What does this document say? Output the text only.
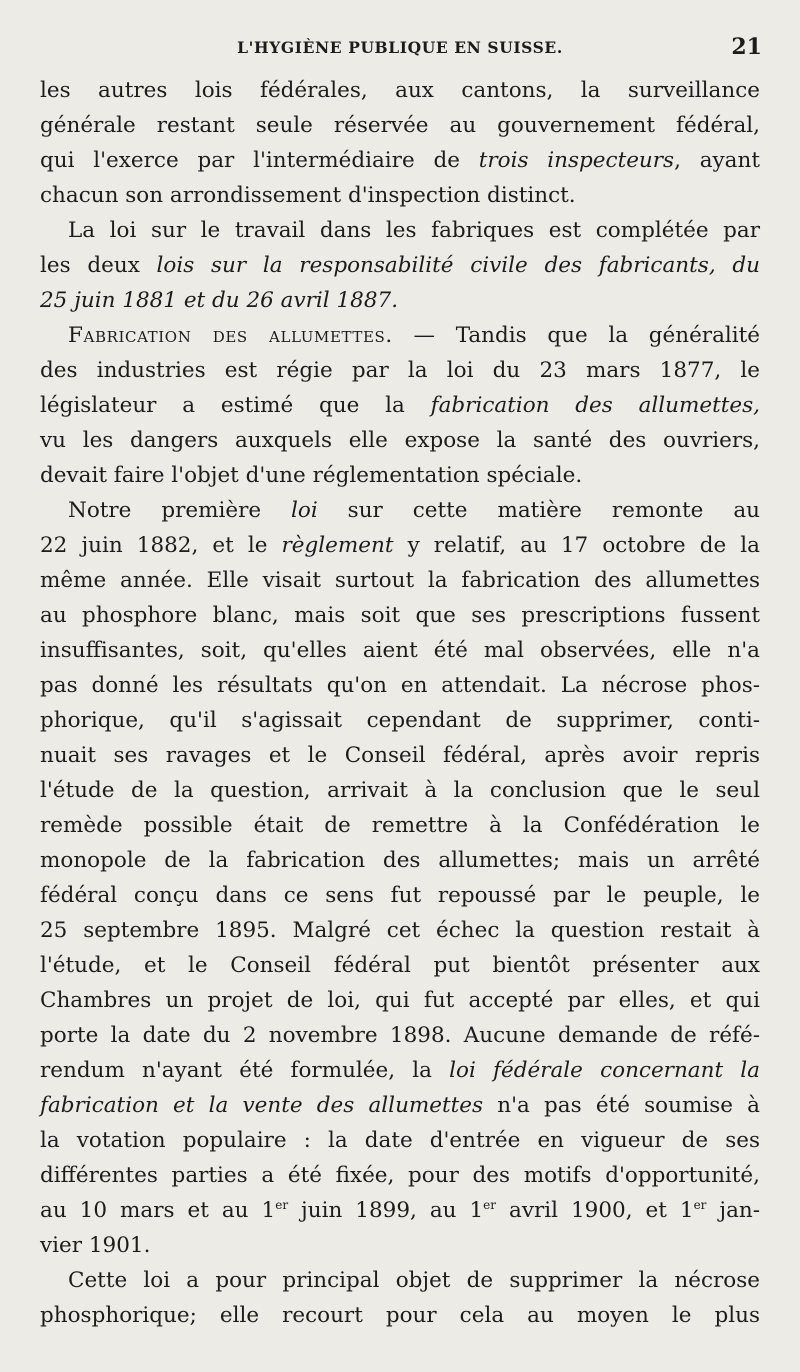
L'HYGIÈNE PUBLIQUE EN SUISSE.	21
les autres lois fédérales, aux cantons, la surveillance
générale restant seule réservée au gouvernement fédéral,
qui l'exerce par l'intermédiaire de trois inspecteurs, ayant
chacun son arrondissement d'inspection distinct.
La loi sur le travail dans les fabriques est complétée par
les deux lois sur la responsabilité civile des fabricants, du
25 juin 1881 et du 26 avril 1887.
Fabrication des allumettes. — Tandis que la généralité
des industries est régie par la loi du 23 mars 1877, le
législateur a estimé que la fabrication des allumettes,
vu les dangers auxquels elle expose la santé des ouvriers,
devait faire l'objet d'une réglementation spéciale.
Notre première loi sur cette matière remonte au
22 juin 1882, et le règlement y relatif, au 17 octobre de la
même année. Elle visait surtout la fabrication des allumettes
au phosphore blanc, mais soit que ses prescriptions fussent
insuffisantes, soit, qu'elles aient été mal observées, elle n'a
pas donné les résultats qu'on en attendait. La nécrose phos-
phorique, qu'il s'agissait cependant de supprimer, conti-
nuait ses ravages et le Conseil fédéral, après avoir repris
l'étude de la question, arrivait à la conclusion que le seul
remède possible était de remettre à la Confédération le
monopole de la fabrication des allumettes; mais un arrêté
fédéral conçu dans ce sens fut repoussé par le peuple, le
25 septembre 1895. Malgré cet échec la question restait à
l'étude, et le Conseil fédéral put bientôt présenter aux
Chambres un projet de loi, qui fut accepté par elles, et qui
porte la date du 2 novembre 1898. Aucune demande de réfé-
rendum n'ayant été formulée, la loi fédérale concernant la
fabrication et la vente des allumettes n'a pas été soumise à
la votation populaire : la date d'entrée en vigueur de ses
différentes parties a été fixée, pour des motifs d'opportunité,
au 10 mars et au 1er juin 1899, au 1er avril 1900, et 1er jan-
vier 1901.
Cette loi a pour principal objet de supprimer la nécrose
phosphorique; elle recourt pour cela au moyen le plus
